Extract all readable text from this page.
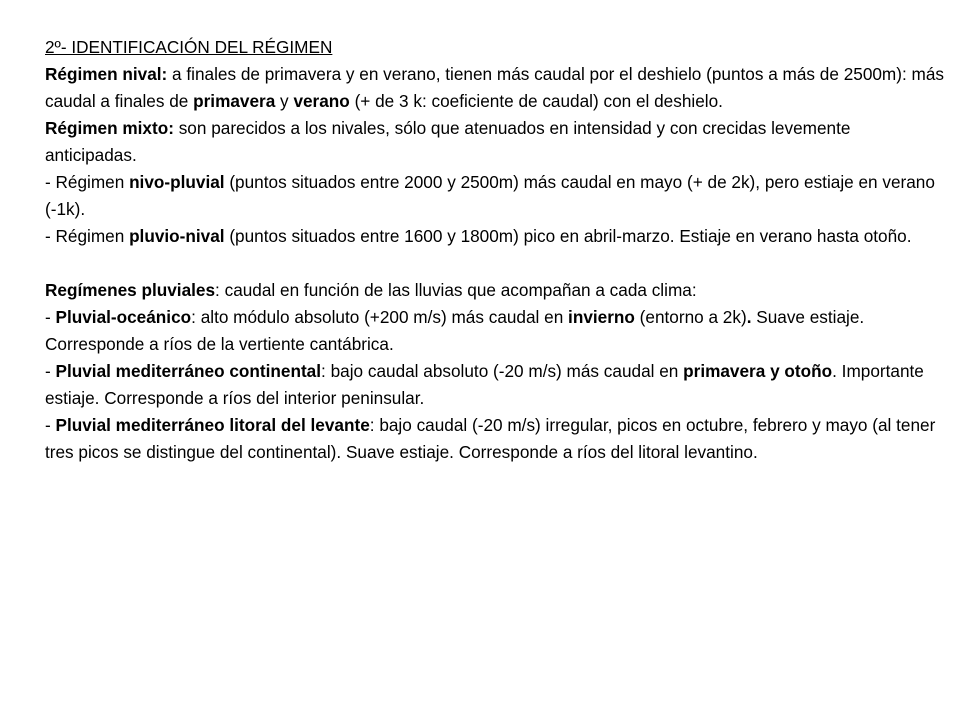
2º- IDENTIFICACIÓN DEL RÉGIMEN

Régimen nival: a finales de primavera y en verano, tienen más caudal por el deshielo (puntos a más de 2500m): más caudal a finales de primavera y verano (+ de 3 k: coeficiente de caudal) con el deshielo.

Régimen mixto: son parecidos a los nivales, sólo que atenuados en intensidad y con crecidas levemente anticipadas.

- Régimen nivo-pluvial (puntos situados entre 2000 y 2500m) más caudal en mayo (+ de 2k), pero estiaje en verano (-1k).

- Régimen pluvio-nival (puntos situados entre 1600 y 1800m) pico en abril-marzo. Estiaje en verano hasta otoño.

Regímenes pluviales: caudal en función de las lluvias que acompañan a cada clima:

- Pluvial-oceánico: alto módulo absoluto (+200 m/s) más caudal en invierno (entorno a 2k). Suave estiaje. Corresponde a ríos de la vertiente cantábrica.

- Pluvial mediterráneo continental: bajo caudal absoluto (-20 m/s) más caudal en primavera y otoño. Importante estiaje. Corresponde a ríos del interior peninsular.

- Pluvial mediterráneo litoral del levante: bajo caudal (-20 m/s) irregular, picos en octubre, febrero y mayo (al tener tres picos se distingue del continental). Suave estiaje. Corresponde a ríos del litoral levantino.
